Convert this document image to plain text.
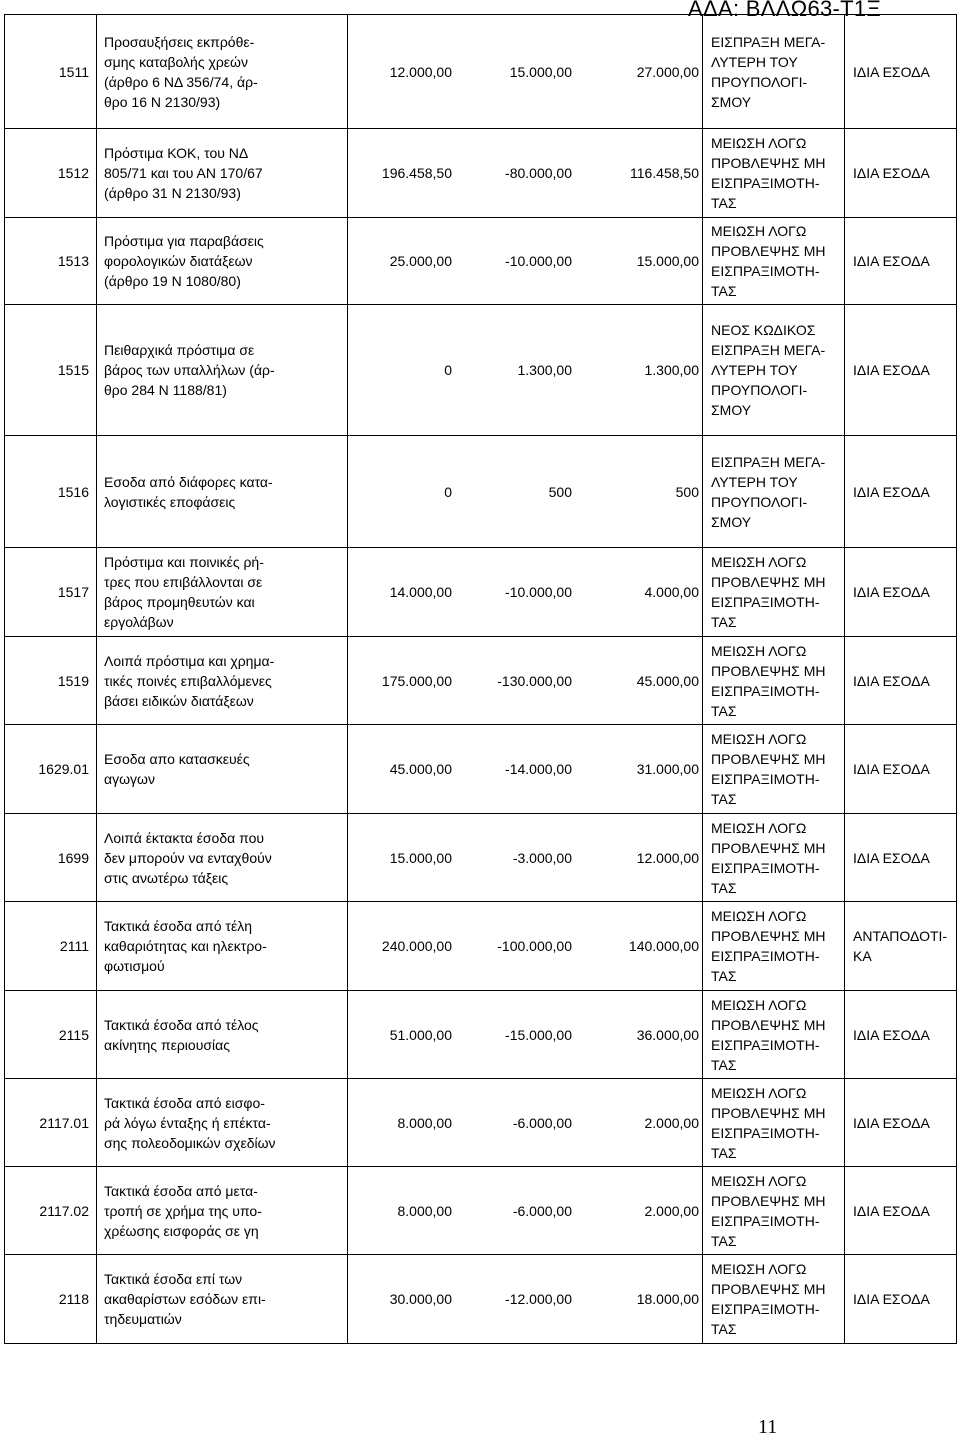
ΑΔΑ: ΒΛΛΩ63-Τ1Ξ
1511	Προσαυξήσεις εκπρόθε-
σμης καταβολής χρεών
(άρθρο 6 ΝΔ 356/74, άρ-
θρο 16 Ν 2130/93)	12.000,00 15.000,00 27.000,00	ΕΙΣΠΡΑΞΗ ΜΕΓΑ-
ΛΥΤΕΡΗ ΤΟΥ
ΠΡΟΥΠΟΛΟΓΙ-
ΣΜΟΥ	ΙΔΙΑ ΕΣΟΔΑ
1512	Πρόστιμα ΚΟΚ, του ΝΔ
805/71 και του ΑΝ 170/67
(άρθρο 31 Ν 2130/93)	196.458,50 -80.000,00 116.458,50	ΜΕΙΩΣΗ ΛΟΓΩ
ΠΡΟΒΛΕΨΗΣ ΜΗ
ΕΙΣΠΡΑΞΙΜΟΤΗ-
ΤΑΣ	ΙΔΙΑ ΕΣΟΔΑ
1513	Πρόστιμα για παραβάσεις
φορολογικών διατάξεων
(άρθρο 19 Ν 1080/80)	25.000,00 -10.000,00 15.000,00	ΜΕΙΩΣΗ ΛΟΓΩ
ΠΡΟΒΛΕΨΗΣ ΜΗ
ΕΙΣΠΡΑΞΙΜΟΤΗ-
ΤΑΣ	ΙΔΙΑ ΕΣΟΔΑ
1515	Πειθαρχικά πρόστιμα σε
βάρος των υπαλλήλων (άρ-
θρο 284 Ν 1188/81)	0 1.300,00 1.300,00	ΝΕΟΣ ΚΩΔΙΚΟΣ
ΕΙΣΠΡΑΞΗ ΜΕΓΑ-
ΛΥΤΕΡΗ ΤΟΥ
ΠΡΟΥΠΟΛΟΓΙ-
ΣΜΟΥ	ΙΔΙΑ ΕΣΟΔΑ
1516	Εσοδα από διάφορες κατα-
λογιστικές εποφάσεις	0 500 500	ΕΙΣΠΡΑΞΗ ΜΕΓΑ-
ΛΥΤΕΡΗ ΤΟΥ
ΠΡΟΥΠΟΛΟΓΙ-
ΣΜΟΥ	ΙΔΙΑ ΕΣΟΔΑ
1517	Πρόστιμα και ποινικές ρή-
τρες που επιβάλλονται σε
βάρος προμηθευτών και
εργολάβων	14.000,00 -10.000,00 4.000,00	ΜΕΙΩΣΗ ΛΟΓΩ
ΠΡΟΒΛΕΨΗΣ ΜΗ
ΕΙΣΠΡΑΞΙΜΟΤΗ-
ΤΑΣ	ΙΔΙΑ ΕΣΟΔΑ
1519	Λοιπά πρόστιμα και χρημα-
τικές ποινές επιβαλλόμενες
βάσει ειδικών διατάξεων	175.000,00 -130.000,00 45.000,00	ΜΕΙΩΣΗ ΛΟΓΩ
ΠΡΟΒΛΕΨΗΣ ΜΗ
ΕΙΣΠΡΑΞΙΜΟΤΗ-
ΤΑΣ	ΙΔΙΑ ΕΣΟΔΑ
1629.01	Εσοδα απο κατασκευές
αγωγων	45.000,00 -14.000,00 31.000,00	ΜΕΙΩΣΗ ΛΟΓΩ
ΠΡΟΒΛΕΨΗΣ ΜΗ
ΕΙΣΠΡΑΞΙΜΟΤΗ-
ΤΑΣ	ΙΔΙΑ ΕΣΟΔΑ
1699	Λοιπά έκτακτα έσοδα που
δεν μπορούν να ενταχθούν
στις ανωτέρω τάξεις	15.000,00 -3.000,00 12.000,00	ΜΕΙΩΣΗ ΛΟΓΩ
ΠΡΟΒΛΕΨΗΣ ΜΗ
ΕΙΣΠΡΑΞΙΜΟΤΗ-
ΤΑΣ	ΙΔΙΑ ΕΣΟΔΑ
2111	Τακτικά έσοδα από τέλη
καθαριότητας και ηλεκτρο-
φωτισμού	240.000,00 -100.000,00 140.000,00	ΜΕΙΩΣΗ ΛΟΓΩ
ΠΡΟΒΛΕΨΗΣ ΜΗ
ΕΙΣΠΡΑΞΙΜΟΤΗ-
ΤΑΣ	ΑΝΤΑΠΟΔΟΤΙ-
ΚΑ
2115	Τακτικά έσοδα από τέλος
ακίνητης περιουσίας	51.000,00 -15.000,00 36.000,00	ΜΕΙΩΣΗ ΛΟΓΩ
ΠΡΟΒΛΕΨΗΣ ΜΗ
ΕΙΣΠΡΑΞΙΜΟΤΗ-
ΤΑΣ	ΙΔΙΑ ΕΣΟΔΑ
2117.01	Τακτικά έσοδα από εισφο-
ρά λόγω ένταξης ή επέκτα-
σης πολεοδομικών σχεδίων	8.000,00 -6.000,00 2.000,00	ΜΕΙΩΣΗ ΛΟΓΩ
ΠΡΟΒΛΕΨΗΣ ΜΗ
ΕΙΣΠΡΑΞΙΜΟΤΗ-
ΤΑΣ	ΙΔΙΑ ΕΣΟΔΑ
2117.02	Τακτικά έσοδα από μετα-
τροπή σε χρήμα της υπο-
χρέωσης εισφοράς σε γη	8.000,00 -6.000,00 2.000,00	ΜΕΙΩΣΗ ΛΟΓΩ
ΠΡΟΒΛΕΨΗΣ ΜΗ
ΕΙΣΠΡΑΞΙΜΟΤΗ-
ΤΑΣ	ΙΔΙΑ ΕΣΟΔΑ
2118	Τακτικά έσοδα επί των
ακαθαρίστων εσόδων επι-
τηδευματιών	30.000,00 -12.000,00 18.000,00	ΜΕΙΩΣΗ ΛΟΓΩ
ΠΡΟΒΛΕΨΗΣ ΜΗ
ΕΙΣΠΡΑΞΙΜΟΤΗ-
ΤΑΣ	ΙΔΙΑ ΕΣΟΔΑ
11
